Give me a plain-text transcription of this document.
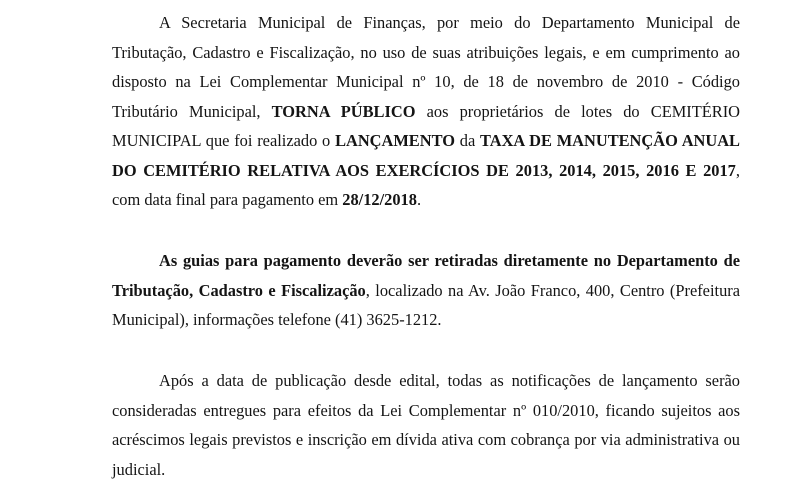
A Secretaria Municipal de Finanças, por meio do Departamento Municipal de Tributação, Cadastro e Fiscalização, no uso de suas atribuições legais, e em cumprimento ao disposto na Lei Complementar Municipal nº 10, de 18 de novembro de 2010 - Código Tributário Municipal, TORNA PÚBLICO aos proprietários de lotes do CEMITÉRIO MUNICIPAL que foi realizado o LANÇAMENTO da TAXA DE MANUTENÇÃO ANUAL DO CEMITÉRIO RELATIVA AOS EXERCÍCIOS DE 2013, 2014, 2015, 2016 E 2017, com data final para pagamento em 28/12/2018.

As guias para pagamento deverão ser retiradas diretamente no Departamento de Tributação, Cadastro e Fiscalização, localizado na Av. João Franco, 400, Centro (Prefeitura Municipal), informações telefone (41) 3625-1212.

Após a data de publicação desde edital, todas as notificações de lançamento serão consideradas entregues para efeitos da Lei Complementar nº 010/2010, ficando sujeitos aos acréscimos legais previstos e inscrição em dívida ativa com cobrança por via administrativa ou judicial.
